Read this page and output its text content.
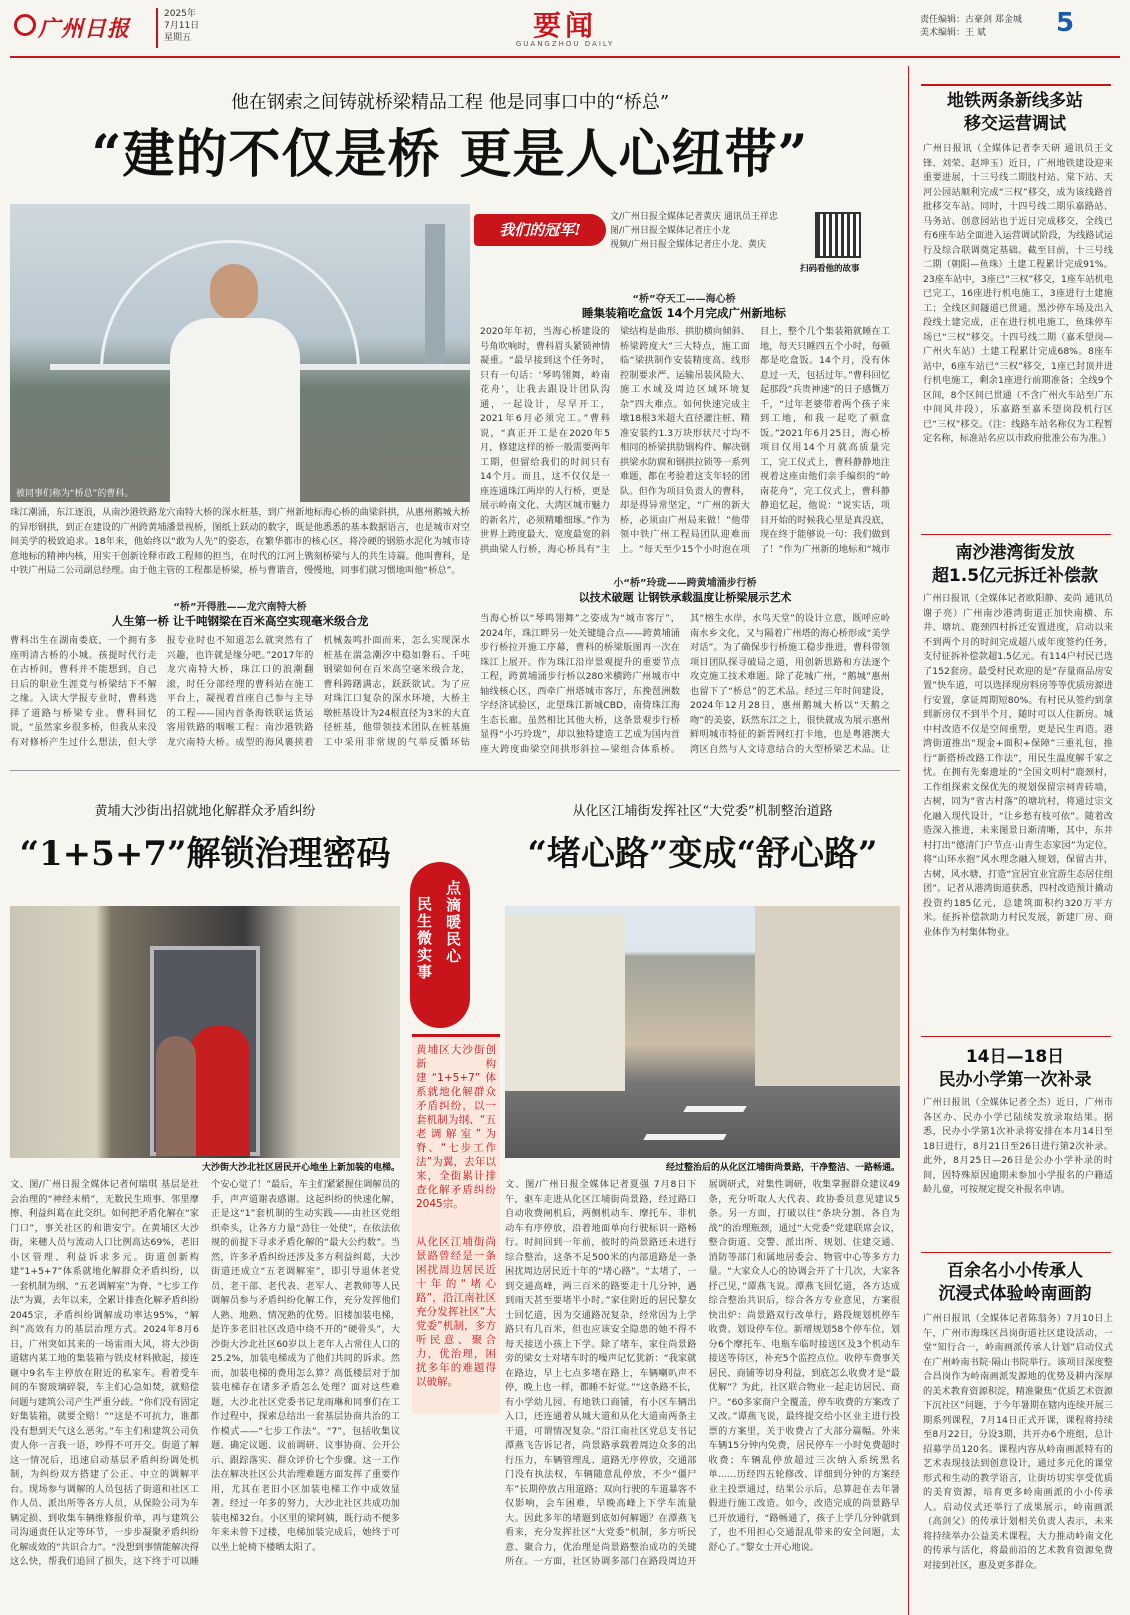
广州日报
2025年
7月11日
星期五	要闻
GUANGZHOU DAILY
责任编辑：古豪剑 郑金城
美术编辑：王 斌	5
他在钢索之间铸就桥梁精品工程 他是同事口中的“桥总”
“建的不仅是桥 更是人心纽带”
被同事们称为“桥总”的曹科。
我们的冠军!
文/广州日报全媒体记者黄庆 通讯员王祥忠
图/广州日报全媒体记者庄小龙
视频/广州日报全媒体记者庄小龙、黄庆
扫码看他的故事
“桥”夺天工——海心桥
睡集装箱吃盒饭 14个月完成广州新地标
2020年年初，当海心桥建设的号角吹响时，曹科眉头紧锁神情凝重。“最早接到这个任务时，只有一句话：‘琴鸣翎舞，岭南花舟’，让我去跟设计团队沟通，一起设计，尽早开工，2021年6月必须完工。”曹科说，“真正开工是在2020年5月，修建这样的桥一般需要两年工期，但留给我们的时间只有14个月。而且，这不仅仅是一座连通珠江两岸的人行桥，更是展示岭南文化、大湾区城市魅力的新名片，必须精雕细琢。”作为世界上跨度最大、宽度最宽的斜拱曲梁人行桥，海心桥具有“主梁结构是曲形、拱肋横向倾斜、桥梁跨度大”三大特点，施工面临“梁拱制作安装精度高、线形控制要求严、运输吊装风险大、施工水域及周边区域环境复杂”四大难点。如何快速完成主墩18根3米超大直径灌注桩、精准安装约1.3万块形状尺寸均不相同的桥梁拱肋钢构件、解决钢拱梁水防腐和钢拱拉锁等一系列难题，都在考验着这支年轻的团队。但作为项目负责人的曹科，却是得异常坚定，“广州的新大桥，必须由广州局来做！”他带领中铁广州工程局团队迎难而上。“每天至少15个小时泡在项目上，整个几个集装箱就睡在工地，每天只睡四五个小时，每顿都是吃盒饭。14个月，没有休息过一天，包括过年。”曹科回忆起那段“兵贵神速”的日子感慨万千，“过年老婆带着两个孩子来到工地，和我一起吃了顿盒饭。”2021年6月25日，海心桥项目仅用14个月就高质量完工，完工仪式上，曹科静静地注视着这座由他们亲手编织的“岭南花舟”，完工仪式上，曹科静静追忆起，他说：“说实话，项目开始的时候我心里是真没底，现在终于能够说一句：我们做到了！”作为广州新的地标和“城市
珠江潮涌，东江逐浪，从南沙港铁路龙穴南特大桥的深水桩基，到广州新地标海心桥的曲梁斜拱，从惠州鹅城大桥的异形钢拱，到正在建设的广州跨黄埔潘景视桥，图纸上跃动的数字，既是他悉悉的基本数据语言，也是城市对空间美学的极致追求。18年来，他始终以“敢为人先”的姿态，在繁华都市的核心区，将冷硬的钢筋水泥化为城市诗意地标的精神内核，用实干创新诠释市政工程师的担当，在时代的江河上镌刻桥梁与人的共生诗篇。他叫曹科，是中铁广州局二公司副总经理。由于他主管的工程都是桥梁，桥与曹谐音，慢慢地，同事们就习惯地叫他“桥总”。
小“桥”玲珑——跨黄埔涌步行桥
以技术破题 让钢铁承载温度让桥梁展示艺术
“桥”开得胜——龙穴南特大桥
人生第一桥 让千吨钢梁在百米高空实现毫米级合龙
曹科出生在湖南娄底，一个拥有多座明清古桥的小城。孩提时代行走在古桥间，曹科并不能想到，自己日后的职业生涯竟与桥梁结下不解之缘。入读大学报专业时，曹科选择了道路与桥梁专业。曹科回忆说，“虽然家乡很多桥，但我从来没有对修桥产生过什么想法，但大学报专业时也不知道怎么就突然有了兴趣，也许就是缘分吧。”2017年的龙穴南特大桥，珠江口的浪潮翻滚，时任分部经理的曹科站在施工平台上，凝视着首座自己参与主导的工程——国内首条海铁联运货运客用铁路的咽喉工程：南沙港铁路龙穴南特大桥。成型的海风裹挟着机械轰鸣扑面而来，怎么实现深水桩基在湍急潮汐中稳如磐石、千吨钢梁如何在百米高空毫米级合龙，曹科踌躇满志，跃跃欲试。为了应对珠江口复杂的深水环境，大桥主墩桩基设计为24根直径为3米的大直径桩基，他带领技术团队在桩基施工中采用非常规的气举反循环钻
当海心桥以“琴鸣翎舞”之姿成为“城市客厅”，2024年，珠江畔另一处关键缝合点——跨黄埔涌步行桥拉开施工序幕，曹科的桥梁版图再一次在珠江上展开。作为珠江沿岸景观提升的重要节点工程，跨黄埔涌步行桥以280米横跨广州城市中轴线核心区，西牵广州塔城市客厅，东挽琶洲数字经济试验区，北望珠江新城CBD，南倚珠江海生态长廊。虽然相比其他大桥，这条景观步行桥显得“小巧玲珑”，却以独特建造工艺成为国内首座大跨度曲梁空间拱形斜拉—梁组合体系桥。其“榕生水岸，水鸟天堂”的设计立意，既呼应岭南水乡文化，又与隔着广州塔的海心桥形成“美学对话”。为了确保步行桥施工稳步推进，曹科带领项目团队探寻破局之道，用创新思路和方法逐个攻克施工技术难题。除了花城广州，“鹅城”惠州也留下了“桥总”的艺术品。经过三年时间建设，2024年12月28日，惠州鹅城大桥以“天鹅之吻”的美姿，跃然东江之上，很快就成为展示惠州鲜明城市特征的新晋网红打卡地，也是粤港澳大湾区自然与人文诗意结合的大型桥梁艺术品。让
地铁两条新线多站
移交运营调试
广州日报讯（全媒体记者李天研 通讯员王文锋、刘荣、赵坤玉）近日，广州地铁建设迎来重要进展，十三号线二期肢村站、棠下站、天河公园站顺利完成“三权”移交，成为该线路首批移交车站。同时，十四号线二期乐嘉路站、马务站、创意园站也于近日完成移交，全线已有6座车站全面进入运营调试阶段，为线路试运行及综合联调奠定基础。截至目前，十三号线二期（朝阳—鱼珠）土建工程累计完成91%。23座车站中，3座已“三权”移交，1座车站机电已完工，16座进行机电施工，3座进行土建施工；全线区间隧道已贯通。黑沙停车场及出入段线土建完成，正在进行机电施工，鱼珠停车场已“三权”移交。十四号线二期（嘉禾望岗—广州火车站）土建工程累计完成68%。8座车站中，6座车站已“三权”移交，1座已封顶并进行机电施工，剩余1座进行前期准备；全线9个区间，8个区间已贯通（不含广州火车站至广东中间风井段），乐嘉路至嘉禾望岗段机行区已“三权”移交。（注：线路车站名称仅为工程暂定名称，标准站名应以市政府批准公布为准。）
南沙港湾街发放
超1.5亿元拆迁补偿款
广州日报讯（全媒体记者欧阳静、麦尚 通讯员谢子亮）广州南沙港湾街道正加快南横、东井、塘坑、鹿颈四村拆迁安置进度，启动以来不到两个月的时间完成超八成年度签约任务，支付征拆补偿款超1.5亿元。有114户村民已选了152套房。最受村民欢迎的是“存量商品房安置”快车道，可以选择现房料房等等优质房源进行安置，拿证周期短80%。有村民从签约到拿到新房仅不到半个月，随时可以人住新房。城中村改造不仅是空间重塑，更是民生再造。港湾街道推出“现金+面积+保障”三重礼包，推行“新搭桥改路工作法”，用民生温度解千家之忧。在拥有先秦遗址的“全国文明村”鹿颈村，工作组探索文保优先的规划保留宗祠青砖墙，古树，同为“省古村落”的塘坑村，将通过宗文化融入现代设计，“让乡愁有枝可依”。随着改造深入推进，未来图景日渐清晰，其中，东井村打出“德清门户节点·山青生态家园”为定位，将“山环水抱”风水理念融入规划，保留古井，古树，风水塘，打造“宜居宜业宜游生态居住组团”。记者从港湾街道获悉，四村改造预计撬动投资约185亿元，总建筑面积约320万平方米。征拆补偿款助力村民发展，新建厂房、商业体作为村集体物业。
14日—18日
民办小学第一次补录
广州日报讯（全媒体记者仝杰）近日，广州市各区办、民办小学已陆续发放录取结果。据悉，民办小学第1次补录将安排在本月14日至18日进行，8月21日至26日进行第2次补录。此外，8月25日—26日是公办小学补录的时间，因特殊原因逾期未参加小学报名的户籍适龄儿童，可按规定提交补报名申请。
百余名小小传承人
沉浸式体验岭南画韵
广州日报讯（全媒体记者陈翁务）7月10日上午，广州市海珠区昌岗街道社区建设活动，一堂“知行合一，岭南画派传承人计划”启动仪式在广州岭南书院·隔山书院举行。该项目深度整合昌岗作为岭南画派发源地的优势及耕内深厚的美术教育资源积淀，精准聚焦“优质艺术资源下沉社区”问题，于今年暑期在辖内连续开展三期系列课程，7月14日正式开课，课程将持续至8月22日，分设3期，共开办6个班组，总计招募学员120名。课程内容从岭南画派特有的艺术表现技法到创意设计，通过多元化的课堂形式和生动的教学语言，让街坊切实享受优质的美育资源，培育更多岭南画派的小小传承人。启动仪式还举行了成果展示，岭南画派（高剑父）的传承计划相关负责人表示，未来将持续举办公益美术课程，大力推动岭南文化的传承与活化，将最前沿的艺术教育资源免费对接到社区，惠及更多群众。
黄埔大沙街出招就地化解群众矛盾纠纷
“1+5+7”解锁治理密码
大沙街大沙北社区居民开心地坐上新加装的电梯。
文、图/广州日报全媒体记者何瑞琪 基层是社会治理的“神经末梢”，无数民生琐事、邻里摩擦、利益纠葛在此交织。如何把矛盾化解在“家门口”，事关社区的和谐安宁。在黄埔区大沙街，来穗人员与流动人口比例高达69%，老旧小区管理、利益诉求多元。街道创新构建“1+5+7”体系就地化解群众矛盾纠纷，以一套机制为纲、“五老调解室”为脊、“七步工作法”为翼，去年以来，全累计排查化解矛盾纠纷2045宗，矛盾纠纷调解成功率达95%，“解纠”高效有力的基层治理方式。2024年8月6日，广州突如其来的一场雷雨大风，将大沙街道辖内某工地的集装箱与铁皮材料掀起，接连砸中9名车主停放在附近的私家车。看着受车间的车窗玻璃碎裂，车主们心急如焚，就赔偿问题与建筑公司产生严重分歧。“你们没有固定好集装箱，就要全赔！”“这是不可抗力，谁都没有想到天气这么恶劣。”车主们和建筑公司负责人你一言我一语，吵得不可开交。街道了解这一情况后，迅速启动基层矛盾纠纷调处机制，为纠纷双方搭建了公正、中立的调解平台。现场参与调解的人员包括了街道和社区工作人员、派出所等各方人员，从保险公司为车辆定损、到收集车辆维修报价单，再与建筑公司沟通责任认定等环节，一步步凝聚矛盾纠纷化解成效的“共识合力”。“没想到事情能解决得这么快，帮我们追回了损失，这下终于可以睡个安心觉了！”最后，车主们紧紧握住调解员的手，声声道谢表感谢。这起纠纷的快速化解，正是这“1”套机制的生动实践——由社区党组织牵头，让各方力量“劲往一处使”，在依法依规的前提下寻求矛盾化解的“最大公约数”。当然，许多矛盾纠纷还涉及多方利益纠葛，大沙街道还成立“五老调解室”，即引导退休老党员、老干部、老代表、老军人、老教师等人民调解员参与矛盾纠纷化解工作，充分发挥他们人熟、地熟、情况熟的优势。旧楼加装电梯，是许多老旧社区改造中绕不开的“硬骨头”，大沙街大沙北社区60岁以上老年人占常住人口的25.2%，加装电梯成为了他们共同的诉求。然而，加装电梯的费用怎么算？高低楼层对于加装电梯存在诸多矛盾怎么处理？面对这些难题，大沙北社区党委书记龙雨琳和同事们在工作过程中，探索总结出一套基层协商共治的工作模式——“七步工作法”。“7”，包括收集议题、确定议题、议前调研、议事协商、公开公示、跟踪落实、群众评价七个步骤。这一工作法在解决社区公共治理难题方面发挥了重要作用，尤其在老旧小区加装电梯工作中成效显著。经过一年多的努力，大沙北社区共成功加装电梯32台。小区里的梁阿姨，既行动不便多年来未曾下过楼，电梯加装完成后，她终于可以坐上轮椅下楼晒太阳了。
点滴暖民心
民生微实事
黄埔区大沙街创新构建“1+5+7”体系就地化解群众矛盾纠纷，以一套机制为纲、“五老调解室”为脊、“七步工作法”为翼，去年以来，全街累计排查化解矛盾纠纷2045宗。
从化区江埔街尚景路曾经是一条困扰周边居民近十年的“堵心路”，沿江南社区充分发挥社区“大党委”机制，多方听民意、聚合力，优治理，困扰多年的难题得以破解。
从化区江埔街发挥社区“大党委”机制整治道路
“堵心路”变成“舒心路”
经过整治后的从化区江埔街尚景路，干净整洁、一路畅通。
文、图/广州日报全媒体记者夏强 7月8日下午，驱车走进从化区江埔街尚景路，经过路口自动收费闸机后，两侧机动车、摩托车、非机动车有序停放，沿着地面单向行驶标识一路畅行。时间回到一年前，彼时的尚景路还未进行综合整治，这条不足500米的内部道路是一条困扰周边居民近十年的“堵心路”。“太堵了，一到交通高峰，两三百米的路要走十几分钟，遇到雨天甚至要堵半小时。”家住附近的居民黎女士回忆道，因为交通路况复杂，经常因为上学路只有几百米，但也应该安全隐患的她不得不每天接送小孩上下学。除了堵车，家住尚景路旁的梁女士对堵车时的噪声记忆犹新：“我家就在路边，早上七点多堵在路上，车辆喇叭声不停，晚上也一样，都睡不好觉。”“这条路不长，有小学幼儿园、有地铁口商铺，有小区车辆出入口，还连通着从城大道和从化大道南两条主干道，可谓情况复杂。”沿江南社区党总支书记潭燕飞告诉记者，尚景路承载着周边众多的出行压力，车辆管理乱、道路无序停放，交通部门没有执法权，车辆随意乱停放，不少“僵尸车”长期停放占用道路；双向行驶的车道暴客不仅影响，会车困难，早晚高峰上下学车流量大。因此多年的堵题到底如何解题？在潭燕飞看来，充分发挥社区“大党委”机制，多方听民意、聚合力，优治理是尚景路整治成功的关键所在。一方面，社区协调多部门在路段周边开展调研式，对集性调研，收集掌握群众建议49条，充分听取人大代表、政协委员意见建议5条。另一方面，打破以往“条块分割、各自为战”的治理瓶颈，通过“大党委”党建联席会议，整合街道、交警、派出所、规划、住建交通、消防等部门和属地居委会、物管中心等多方力量。“大家众人心的协调会开了十几次，大家各抒己见，”谭燕飞说。潭燕飞回忆道，各方达成综合整治共识后，综合各方专业意见，方案很快出炉：尚景路双行改单行，路段规划机停车收费、划设停车位。新增规划58个停车位，划分6个摩托车、电瓶车临时接送区及3个机动车接送等待区，补充5个监控点位。收停车费事关居民、商铺等切身利益，到底怎么收费才是“最优解”？为此，社区联合物业一起走访居民、商户。“60多家商户全覆盖，停车收费的方案改了又改。”谭燕飞说，最终提交给小区业主进行投票的方案里，关于收费占了大部分篇幅。外来车辆15分钟内免费，居民停车一小时免费超时收费；车辆乱停放超过三次纳入系统黑名单……历经四五轮修改、详细到分钟的方案经业主投票通过，结果公示后，总算赶在去年暑假进行施工改造。如今，改造完成的尚景路早已开放通行，“路畅通了，孩子上学几分钟就到了，也不用担心交通混乱带来的安全问题，太舒心了。”黎女士开心地说。
